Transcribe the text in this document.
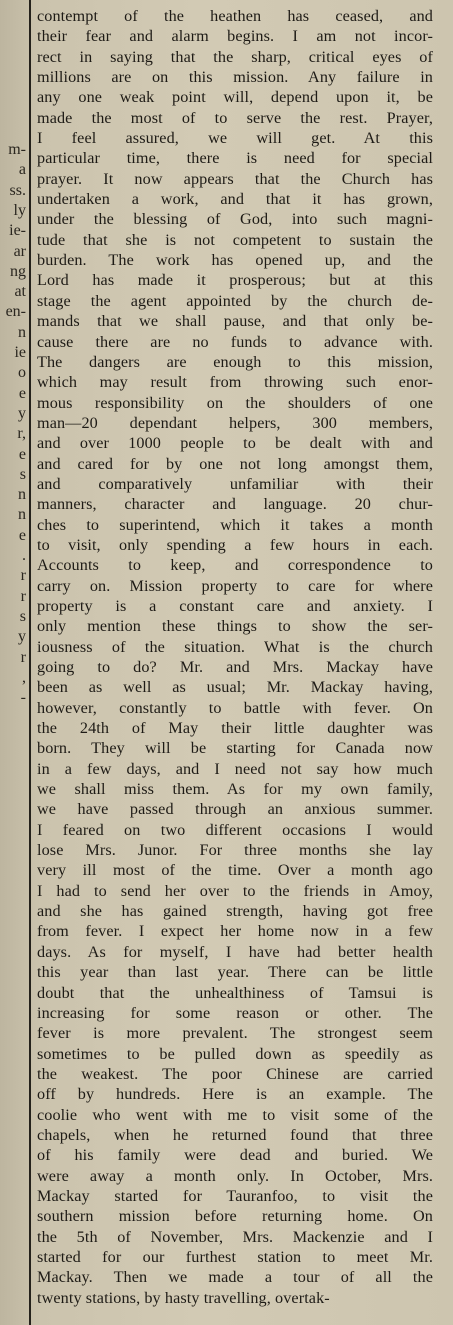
m-
a
ss.
ly
ie-
ar
ng
at
en-
n
ie
o
e
y
r,
e
s
n
n
e
.
r
r
s
y
r
,
-
contempt of the heathen has ceased, and
their fear and alarm begins. I am not incor-
rect in saying that the sharp, critical eyes of
millions are on this mission. Any failure in
any one weak point will, depend upon it, be
made the most of to serve the rest. Prayer,
I feel assured, we will get. At this
particular time, there is need for special
prayer. It now appears that the Church has
undertaken a work, and that it has grown,
under the blessing of God, into such magni-
tude that she is not competent to sustain the
burden. The work has opened up, and the
Lord has made it prosperous; but at this
stage the agent appointed by the church de-
mands that we shall pause, and that only be-
cause there are no funds to advance with.
The dangers are enough to this mission,
which may result from throwing such enor-
mous responsibility on the shoulders of one
man—20 dependant helpers, 300 members,
and over 1000 people to be dealt with and
and cared for by one not long amongst them,
and comparatively unfamiliar with their
manners, character and language. 20 chur-
ches to superintend, which it takes a month
to visit, only spending a few hours in each.
Accounts to keep, and correspondence to
carry on. Mission property to care for where
property is a constant care and anxiety. I
only mention these things to show the ser-
iousness of the situation. What is the church
going to do? Mr. and Mrs. Mackay have
been as well as usual; Mr. Mackay having,
however, constantly to battle with fever. On
the 24th of May their little daughter was
born. They will be starting for Canada now
in a few days, and I need not say how much
we shall miss them. As for my own family,
we have passed through an anxious summer.
I feared on two different occasions I would
lose Mrs. Junor. For three months she lay
very ill most of the time. Over a month ago
I had to send her over to the friends in Amoy,
and she has gained strength, having got free
from fever. I expect her home now in a few
days. As for myself, I have had better health
this year than last year. There can be little
doubt that the unhealthiness of Tamsui is
increasing for some reason or other. The
fever is more prevalent. The strongest seem
sometimes to be pulled down as speedily as
the weakest. The poor Chinese are carried
off by hundreds. Here is an example. The
coolie who went with me to visit some of the
chapels, when he returned found that three
of his family were dead and buried. We
were away a month only. In October, Mrs.
Mackay started for Tauranfoo, to visit the
southern mission before returning home. On
the 5th of November, Mrs. Mackenzie and I
started for our furthest station to meet Mr.
Mackay. Then we made a tour of all the
twenty stations, by hasty travelling, overtak-
